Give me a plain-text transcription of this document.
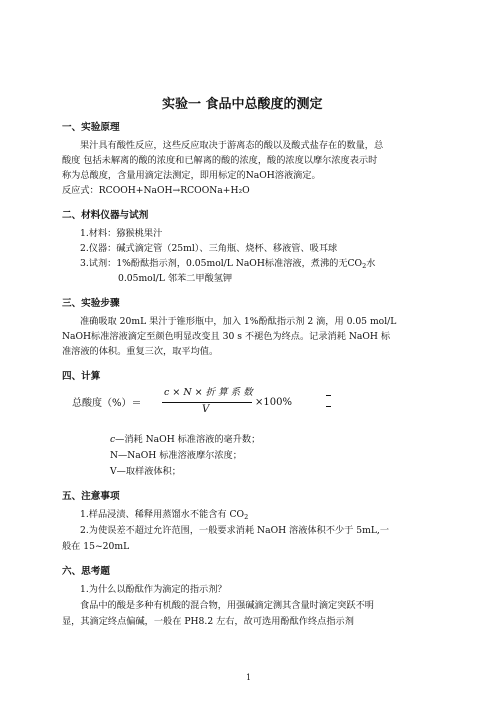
实验一 食品中总酸度的测定
一、实验原理
果汁具有酸性反应，这些反应取决于游离态的酸以及酸式盐存在的数量，总
酸度 包括未解离的酸的浓度和已解离的酸的浓度，酸的浓度以摩尔浓度表示时
称为总酸度，含量用滴定法测定，即用标定的NaOH溶液滴定。
反应式：RCOOH+NaOH→RCOONa+H₂O
二、材料仪器与试剂
1.材料：猕猴桃果汁
2.仪器：碱式滴定管（25ml）、三角瓶、烧杯、移液管、吸耳球
3.试剂：1%酚酞指示剂，0.05mol/L NaOH标准溶液，煮沸的无$CO_2$水
0.05mol/L 邻苯二甲酸氢钾
三、实验步骤
准确吸取 20mL 果汁于锥形瓶中，加入 1%酚酞指示剂 2 滴，用 0.05 mol/L
NaOH标准溶液滴定至颜色明显改变且 30 s 不褪色为终点。记录消耗 NaOH 标
准溶液的体积。重复三次，取平均值。
四、计算
总酸度（%）＝
c × N × 折 算 系 数
V
×100%
c—消耗 NaOH 标准溶液的毫升数；
N—NaOH 标准溶液摩尔浓度；
V—取样液体积；
五、注意事项
1.样品浸渍、稀释用蒸馏水不能含有 $CO_2$
2.为使误差不超过允许范围，一般要求消耗 NaOH 溶液体积不少于 5mL,一
般在 15~20mL
六、思考题
1.为什么以酚酞作为滴定的指示剂？
食品中的酸是多种有机酸的混合物，用强碱滴定测其含量时滴定突跃不明
显，其滴定终点偏碱，一般在 PH8.2 左右，故可选用酚酞作终点指示剂
1
